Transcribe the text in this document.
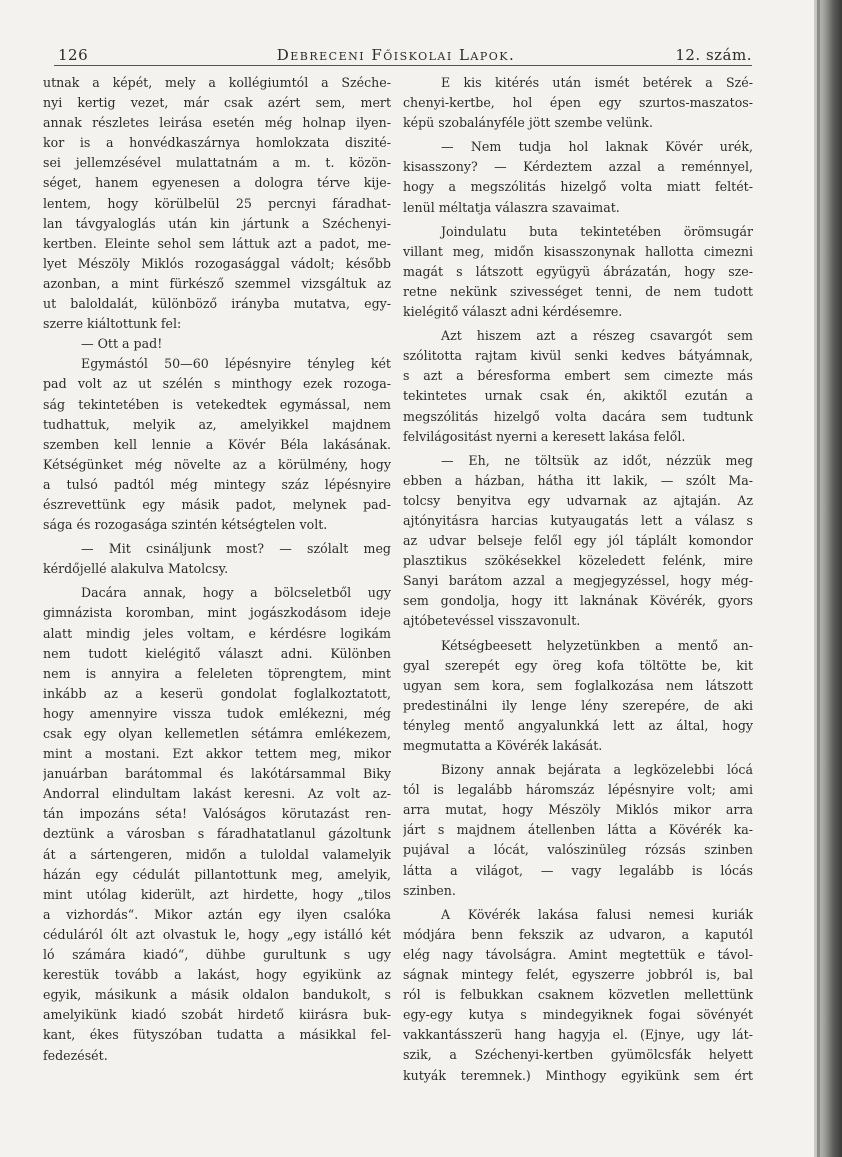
126	Debreceni Főiskolai Lapok.	12. szám.
utnak a képét, mely a kollégiumtól a Széche-
nyi kertig vezet, már csak azért sem, mert
annak részletes leirása esetén még holnap ilyen-
kor is a honvédkaszárnya homlokzata diszité-
sei jellemzésével mulattatnám a m. t. közön-
séget, hanem egyenesen a dologra térve kije-
lentem, hogy körülbelül 25 percnyi fáradhat-
lan távgyaloglás után kin jártunk a Széchenyi-
kertben. Eleinte sehol sem láttuk azt a padot, me-
lyet Mészöly Miklós rozogasággal vádolt; később
azonban, a mint fürkésző szemmel vizsgáltuk az
ut baloldalát, különböző irányba mutatva, egy-
szerre kiáltottunk fel:
— Ott a pad!
Egymástól 50—60 lépésnyire tényleg két
pad volt az ut szélén s minthogy ezek rozoga-
ság tekintetében is vetekedtek egymással, nem
tudhattuk, melyik az, amelyikkel majdnem
szemben kell lennie a Kövér Béla lakásának.
Kétségünket még növelte az a körülmény, hogy
a tulsó padtól még mintegy száz lépésnyire
észrevettünk egy másik padot, melynek pad-
sága és rozogasága szintén kétségtelen volt.
— Mit csináljunk most? — szólalt meg
kérdőjellé alakulva Matolcsy.
Dacára annak, hogy a bölcseletből ugy
gimnázista koromban, mint jogászkodásom ideje
alatt mindig jeles voltam, e kérdésre logikám
nem tudott kielégitő választ adni. Különben
nem is annyira a feleleten töprengtem, mint
inkább az a keserü gondolat foglalkoztatott,
hogy amennyire vissza tudok emlékezni, még
csak egy olyan kellemetlen sétámra emlékezem,
mint a mostani. Ezt akkor tettem meg, mikor
januárban barátommal és lakótársammal Biky
Andorral elindultam lakást keresni. Az volt az-
tán impozáns séta! Valóságos körutazást ren-
deztünk a városban s fáradhatatlanul gázoltunk
át a sártengeren, midőn a tuloldal valamelyik
házán egy cédulát pillantottunk meg, amelyik,
mint utólag kiderült, azt hirdette, hogy „tilos
a vizhordás“. Mikor aztán egy ilyen csalóka
céduláról ólt azt olvastuk le, hogy „egy istálló két
ló számára kiadó“, dühbe gurultunk s ugy
kerestük tovább a lakást, hogy egyikünk az
egyik, másikunk a másik oldalon bandukolt, s
amelyikünk kiadó szobát hirdető kiirásra buk-
kant, ékes fütyszóban tudatta a másikkal fel-
fedezését.
E kis kitérés után ismét betérek a Szé-
chenyi-kertbe, hol épen egy szurtos-maszatos-
képü szobalányféle jött szembe velünk.
— Nem tudja hol laknak Kövér urék,
kisasszony? — Kérdeztem azzal a reménnyel,
hogy a megszólitás hizelgő volta miatt feltét-
lenül méltatja válaszra szavaimat.
Joindulatu buta tekintetében örömsugár
villant meg, midőn kisasszonynak hallotta cimezni
magát s látszott együgyü ábrázatán, hogy sze-
retne nekünk szivességet tenni, de nem tudott
kielégitő választ adni kérdésemre.
Azt hiszem azt a részeg csavargót sem
szólitotta rajtam kivül senki kedves bátyámnak,
s azt a béresforma embert sem cimezte más
tekintetes urnak csak én, akiktől ezután a
megszólitás hizelgő volta dacára sem tudtunk
felvilágositást nyerni a keresett lakása felől.
— Eh, ne töltsük az időt, nézzük meg
ebben a házban, hátha itt lakik, — szólt Ma-
tolcsy benyitva egy udvarnak az ajtaján. Az
ajtónyitásra harcias kutyaugatás lett a válasz s
az udvar belseje felől egy jól táplált komondor
plasztikus szökésekkel közeledett felénk, mire
Sanyi barátom azzal a megjegyzéssel, hogy még-
sem gondolja, hogy itt laknának Kövérék, gyors
ajtóbetevéssel visszavonult.
Kétségbeesett helyzetünkben a mentő an-
gyal szerepét egy öreg kofa töltötte be, kit
ugyan sem kora, sem foglalkozása nem látszott
predestinálni ily lenge lény szerepére, de aki
tényleg mentő angyalunkká lett az által, hogy
megmutatta a Kövérék lakását.
Bizony annak bejárata a legközelebbi lócá
tól is legalább háromszáz lépésnyire volt; ami
arra mutat, hogy Mészöly Miklós mikor arra
járt s majdnem átellenben látta a Kövérék ka-
pujával a lócát, valószinüleg rózsás szinben
látta a világot, — vagy legalább is lócás
szinben.
A Kövérék lakása falusi nemesi kuriák
módjára benn fekszik az udvaron, a kaputól
elég nagy távolságra. Amint megtettük e távol-
ságnak mintegy felét, egyszerre jobbról is, bal
ról is felbukkan csaknem közvetlen mellettünk
egy-egy kutya s mindegyiknek fogai sövényét
vakkantásszerü hang hagyja el. (Ejnye, ugy lát-
szik, a Széchenyi-kertben gyümölcsfák helyett
kutyák teremnek.) Minthogy egyikünk sem ért
